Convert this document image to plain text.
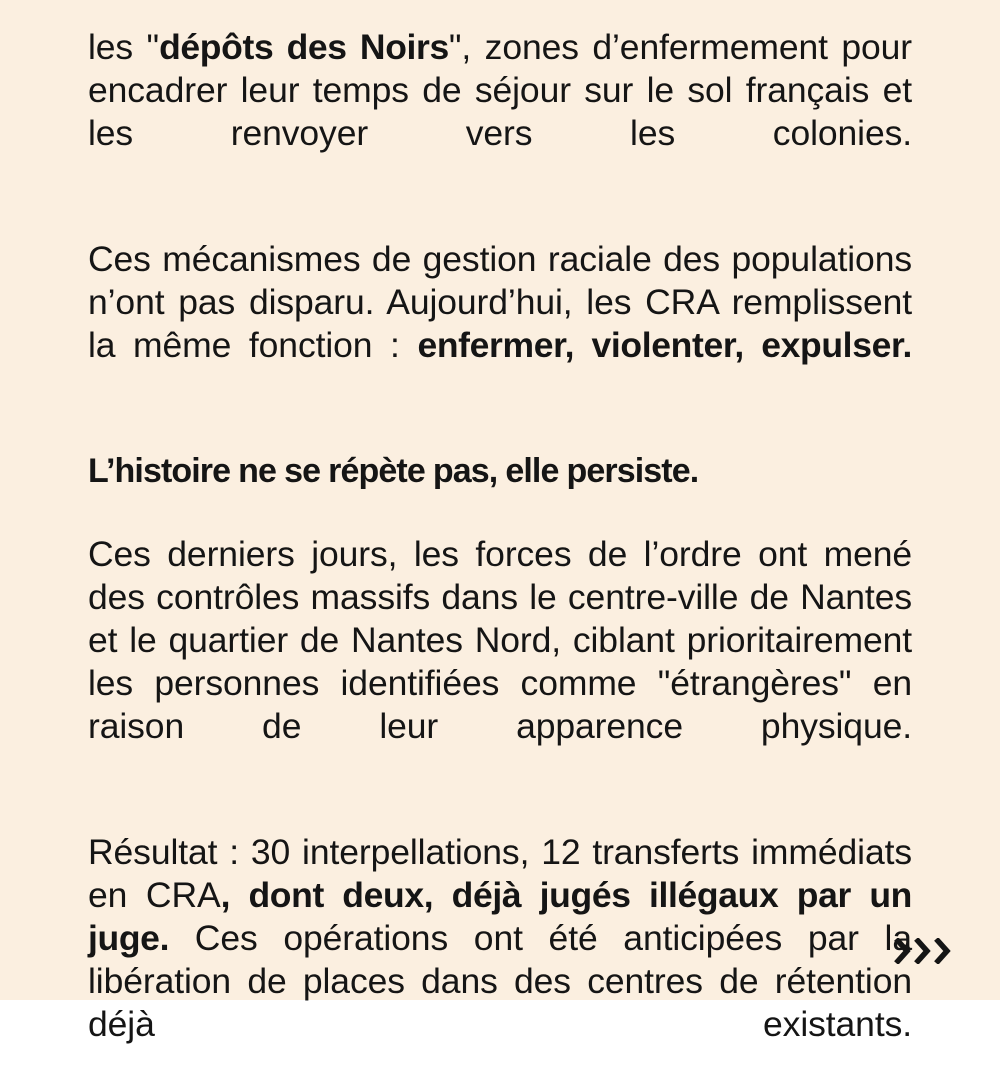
les "dépôts des Noirs", zones d’enfermement pour encadrer leur temps de séjour sur le sol français et les renvoyer vers les colonies.

Ces mécanismes de gestion raciale des populations n’ont pas disparu. Aujourd’hui, les CRA remplissent la même fonction : enfermer, violenter, expulser.

L’histoire ne se répète pas, elle persiste.

Ces derniers jours, les forces de l’ordre ont mené des contrôles massifs dans le centre-ville de Nantes et le quartier de Nantes Nord, ciblant prioritairement les personnes identifiées comme "étrangères" en raison de leur apparence physique.

Résultat : 30 interpellations, 12 transferts immédiats en CRA, dont deux, déjà jugés illégaux par un juge. Ces opérations ont été anticipées par la libération de places dans des centres de rétention déjà existants.
